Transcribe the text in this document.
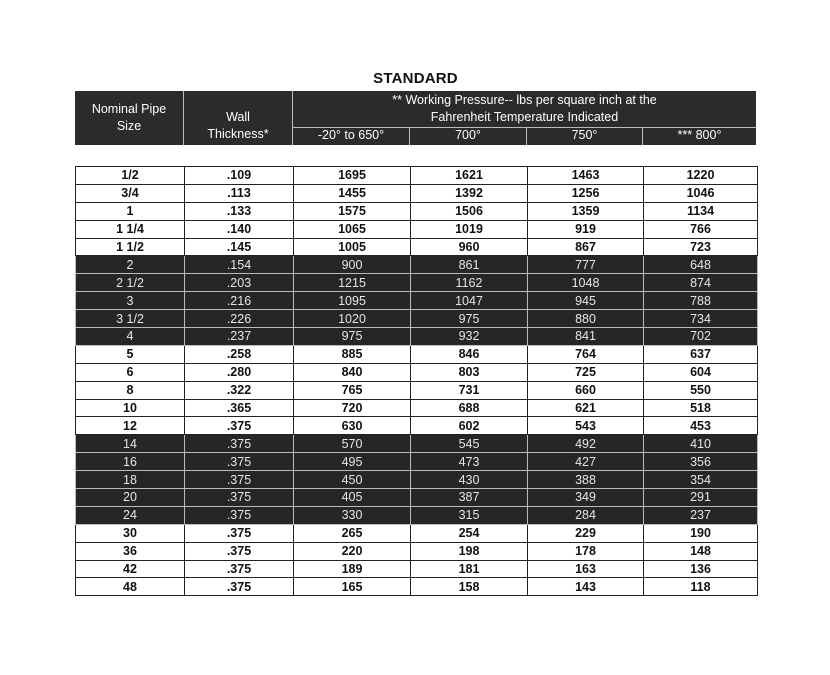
STANDARD
Nominal Pipe
Size
Wall
Thickness*
** Working Pressure-- lbs per square inch at the
Fahrenheit Temperature Indicated
-20° to 650°	700°	750°	*** 800°
1/2	.109	1695	1621	1463	1220
3/4	.113	1455	1392	1256	1046
1	.133	1575	1506	1359	1134
1 1/4	.140	1065	1019	919	766
1 1/2	.145	1005	960	867	723
2	.154	900	861	777	648
2 1/2	.203	1215	1162	1048	874
3	.216	1095	1047	945	788
3 1/2	.226	1020	975	880	734
4	.237	975	932	841	702
5	.258	885	846	764	637
6	.280	840	803	725	604
8	.322	765	731	660	550
10	.365	720	688	621	518
12	.375	630	602	543	453
14	.375	570	545	492	410
16	.375	495	473	427	356
18	.375	450	430	388	354
20	.375	405	387	349	291
24	.375	330	315	284	237
30	.375	265	254	229	190
36	.375	220	198	178	148
42	.375	189	181	163	136
48	.375	165	158	143	118
